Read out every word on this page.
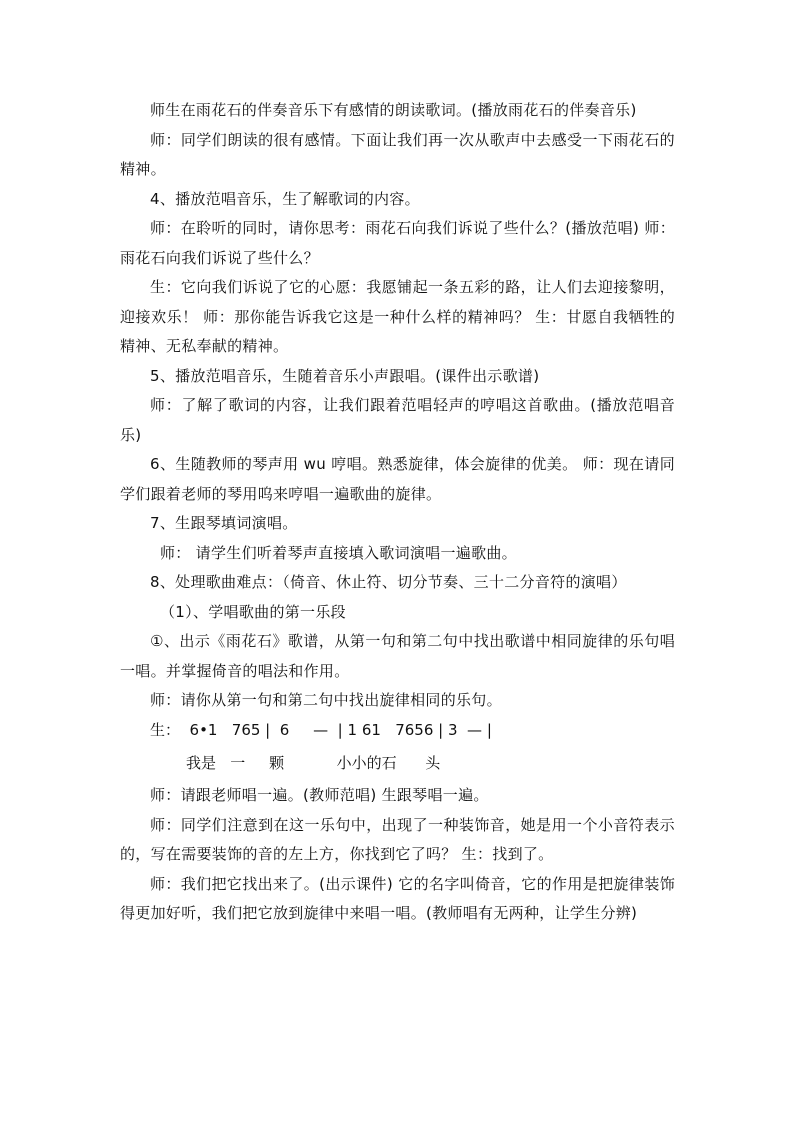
师生在雨花石的伴奏音乐下有感情的朗读歌词。(播放雨花石的伴奏音乐)

师：同学们朗读的很有感情。下面让我们再一次从歌声中去感受一下雨花石的精神。

4、播放范唱音乐，生了解歌词的内容。

师：在聆听的同时，请你思考：雨花石向我们诉说了些什么？(播放范唱) 师：雨花石向我们诉说了些什么？

生：它向我们诉说了它的心愿：我愿铺起一条五彩的路，让人们去迎接黎明，迎接欢乐！ 师：那你能告诉我它这是一种什么样的精神吗？ 生：甘愿自我牺牲的精神、无私奉献的精神。

5、播放范唱音乐，生随着音乐小声跟唱。(课件出示歌谱)

师：了解了歌词的内容，让我们跟着范唱轻声的哼唱这首歌曲。(播放范唱音乐)

6、生随教师的琴声用 wu 哼唱。熟悉旋律，体会旋律的优美。 师：现在请同学们跟着老师的琴用呜来哼唱一遍歌曲的旋律。

7、生跟琴填词演唱。

师： 请学生们听着琴声直接填入歌词演唱一遍歌曲。

8、处理歌曲难点：（倚音、休止符、切分节奏、三十二分音符的演唱）

（1）、学唱歌曲的第一乐段

①、出示《雨花石》歌谱，从第一句和第二句中找出歌谱中相同旋律的乐句唱一唱。并掌握倚音的唱法和作用。

师：请你从第一句和第二句中找出旋律相同的乐句。

生：  6•1   765 |  6     —  | 1 61   7656 | 3  — |

我是   一     颗           小小的石      头

师：请跟老师唱一遍。(教师范唱) 生跟琴唱一遍。

师：同学们注意到在这一乐句中，出现了一种装饰音，她是用一个小音符表示的，写在需要装饰的音的左上方，你找到它了吗？ 生：找到了。

师：我们把它找出来了。(出示课件) 它的名字叫倚音，它的作用是把旋律装饰得更加好听，我们把它放到旋律中来唱一唱。(教师唱有无两种，让学生分辨)
